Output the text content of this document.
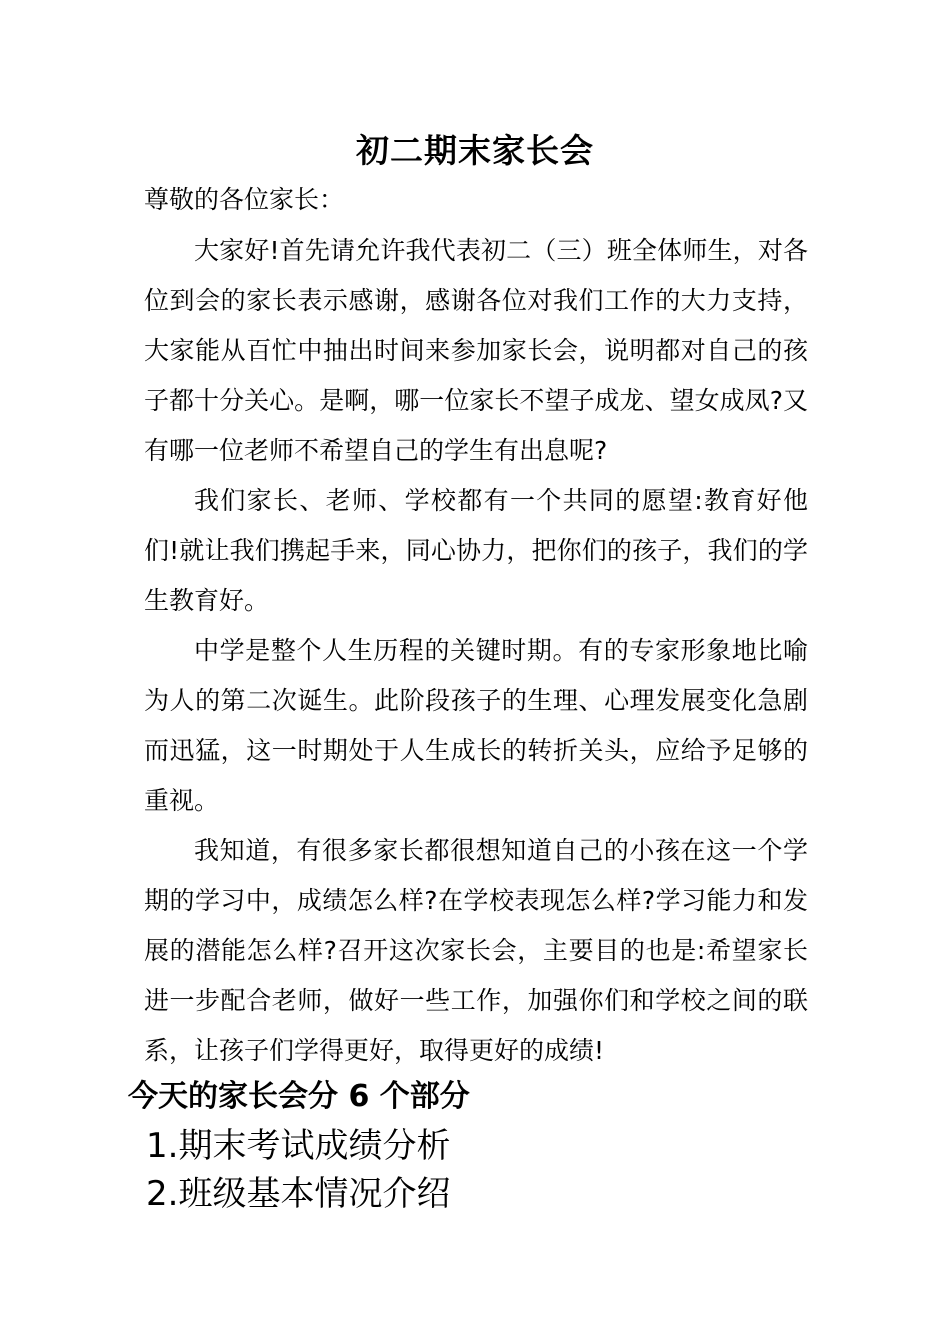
初二期末家长会
尊敬的各位家长：

大家好!首先请允许我代表初二（三）班全体师生，对各位到会的家长表示感谢，感谢各位对我们工作的大力支持，大家能从百忙中抽出时间来参加家长会，说明都对自己的孩子都十分关心。是啊，哪一位家长不望子成龙、望女成凤?又有哪一位老师不希望自己的学生有出息呢?

我们家长、老师、学校都有一个共同的愿望:教育好他们!就让我们携起手来，同心协力，把你们的孩子，我们的学生教育好。

中学是整个人生历程的关键时期。有的专家形象地比喻为人的第二次诞生。此阶段孩子的生理、心理发展变化急剧而迅猛，这一时期处于人生成长的转折关头，应给予足够的重视。

我知道，有很多家长都很想知道自己的小孩在这一个学期的学习中，成绩怎么样?在学校表现怎么样?学习能力和发展的潜能怎么样?召开这次家长会，主要目的也是:希望家长进一步配合老师，做好一些工作，加强你们和学校之间的联系，让孩子们学得更好，取得更好的成绩!

今天的家长会分 6 个部分
1.期末考试成绩分析
2.班级基本情况介绍
